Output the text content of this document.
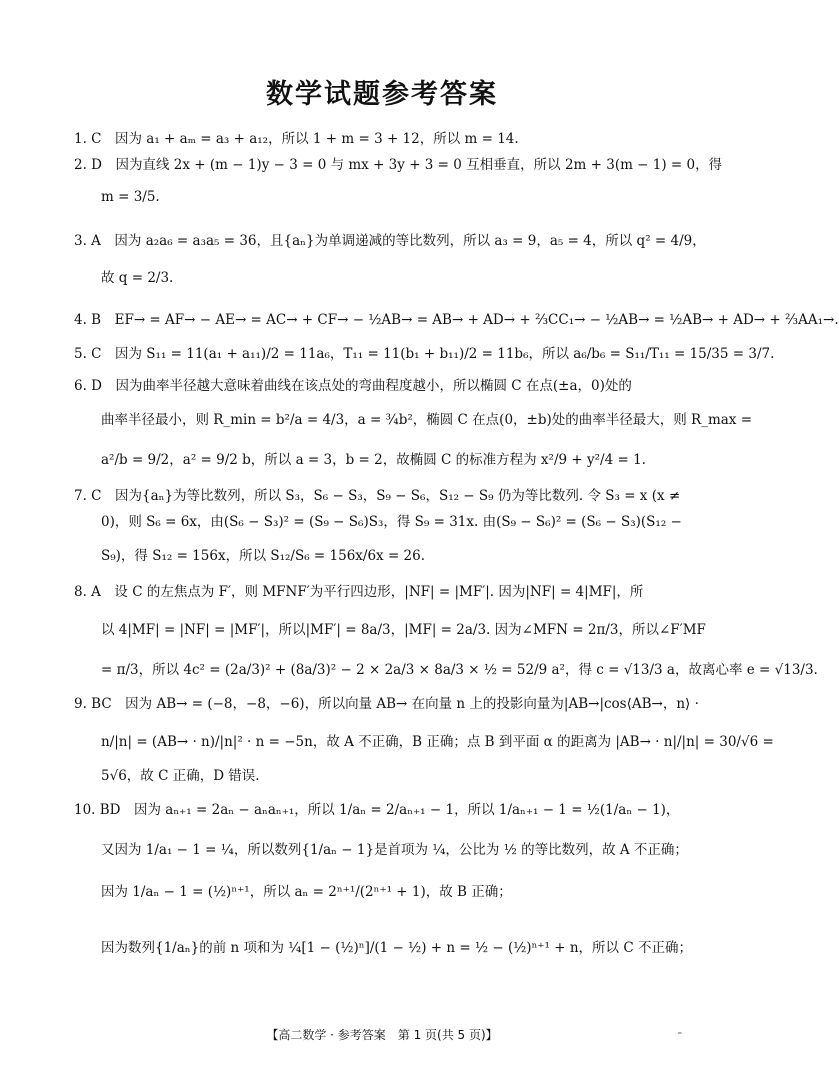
数学试题参考答案
1. C　因为 a₁ + aₘ = a₃ + a₁₂，所以 1 + m = 3 + 12，所以 m = 14.
2. D　因为直线 2x + (m − 1)y − 3 = 0 与 mx + 3y + 3 = 0 互相垂直，所以 2m + 3(m − 1) = 0，得
　　m = 3/5.
3. A　因为 a₂a₆ = a₃a₅ = 36，且{aₙ}为单调递减的等比数列，所以 a₃ = 9，a₅ = 4，所以 q² = 4/9，
　　故 q = 2/3.
4. B　EF→ = AF→ − AE→ = AC→ + CF→ − ½AB→ = AB→ + AD→ + ⅔CC₁→ − ½AB→ = ½AB→ + AD→ + ⅔AA₁→.
5. C　因为 S₁₁ = 11(a₁ + a₁₁)/2 = 11a₆，T₁₁ = 11(b₁ + b₁₁)/2 = 11b₆，所以 a₆/b₆ = S₁₁/T₁₁ = 15/35 = 3/7.
6. D　因为曲率半径越大意味着曲线在该点处的弯曲程度越小，所以椭圆 C 在点(±a，0)处的
　　曲率半径最小，则 R_min = b²/a = 4/3，a = ¾b²，椭圆 C 在点(0，±b)处的曲率半径最大，则 R_max =
　　a²/b = 9/2，a² = 9/2 b，所以 a = 3，b = 2，故椭圆 C 的标准方程为 x²/9 + y²/4 = 1.
7. C　因为{aₙ}为等比数列，所以 S₃，S₆ − S₃，S₉ − S₆，S₁₂ − S₉ 仍为等比数列. 令 S₃ = x (x ≠
　　0)，则 S₆ = 6x，由(S₆ − S₃)² = (S₉ − S₆)S₃，得 S₉ = 31x. 由(S₉ − S₆)² = (S₆ − S₃)(S₁₂ −
　　S₉)，得 S₁₂ = 156x，所以 S₁₂/S₆ = 156x/6x = 26.
8. A　设 C 的左焦点为 F′，则 MFNF′为平行四边形，|NF| = |MF′|. 因为|NF| = 4|MF|，所
　　以 4|MF| = |NF| = |MF′|，所以|MF′| = 8a/3，|MF| = 2a/3. 因为∠MFN = 2π/3，所以∠F′MF
　　= π/3，所以 4c² = (2a/3)² + (8a/3)² − 2 × 2a/3 × 8a/3 × ½ = 52/9 a²，得 c = √13/3 a，故离心率 e = √13/3.
9. BC　因为 AB→ = (−8，−8，−6)，所以向量 AB→ 在向量 n 上的投影向量为|AB→|cos⟨AB→，n⟩ ·
　　n/|n| = (AB→ · n)/|n|² · n = −5n，故 A 不正确，B 正确；点 B 到平面 α 的距离为 |AB→ · n|/|n| = 30/√6 =
　　5√6，故 C 正确，D 错误.
10. BD　因为 aₙ₊₁ = 2aₙ − aₙaₙ₊₁，所以 1/aₙ = 2/aₙ₊₁ − 1，所以 1/aₙ₊₁ − 1 = ½(1/aₙ − 1)，
　　又因为 1/a₁ − 1 = ¼，所以数列{1/aₙ − 1}是首项为 ¼，公比为 ½ 的等比数列，故 A 不正确；
　　因为 1/aₙ − 1 = (½)ⁿ⁺¹，所以 aₙ = 2ⁿ⁺¹/(2ⁿ⁺¹ + 1)，故 B 正确；
　　因为数列{1/aₙ}的前 n 项和为 ¼[1 − (½)ⁿ]/(1 − ½) + n = ½ − (½)ⁿ⁺¹ + n，所以 C 不正确；
【高二数学 · 参考答案　第 1 页(共 5 页)】	━
